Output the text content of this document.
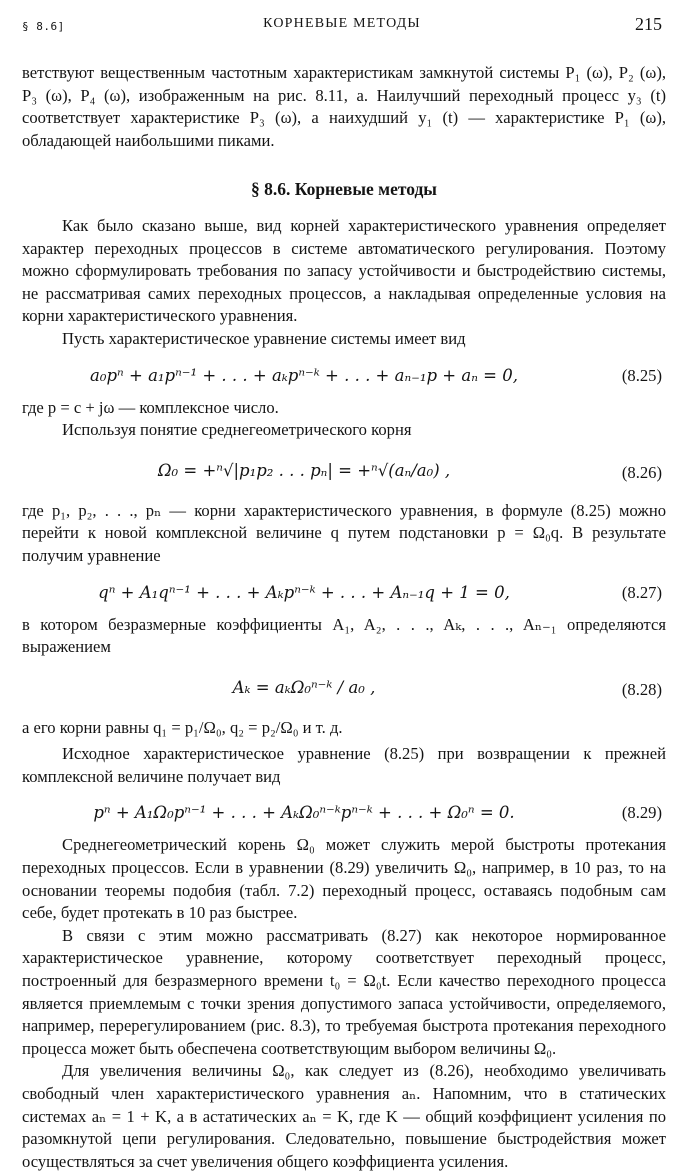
§ 8.6]	КОРНЕВЫЕ МЕТОДЫ	215

ветствуют вещественным частотным характеристикам замкнутой системы P₁ (ω), P₂ (ω), P₃ (ω), P₄ (ω), изображенным на рис. 8.11, a. Наилучший переходный процесс y₃ (t) соответствует характеристике P₃ (ω), а наихудший y₁ (t) — характеристике P₁ (ω), обладающей наибольшими пиками.

§ 8.6. Корневые методы

Как было сказано выше, вид корней характеристического уравнения определяет характер переходных процессов в системе автоматического регулирования. Поэтому можно сформулировать требования по запасу устойчивости и быстродействию системы, не рассматривая самих переходных процессов, а накладывая определенные условия на корни характеристического уравнения.

Пусть характеристическое уравнение системы имеет вид

a₀pⁿ + a₁pⁿ⁻¹ + . . . + aₖpⁿ⁻ᵏ + . . . + aₙ₋₁p + aₙ = 0,	(8.25)

где p = c + jω — комплексное число.

Используя понятие среднегеометрического корня

Ω₀ = +ⁿ√|p₁p₂ . . . pₙ| = +ⁿ√(aₙ/a₀) ,	(8.26)

где p₁, p₂, . . ., pₙ — корни характеристического уравнения, в формуле (8.25) можно перейти к новой комплексной величине q путем подстановки p = Ω₀q. В результате получим уравнение

qⁿ + A₁qⁿ⁻¹ + . . . + Aₖpⁿ⁻ᵏ + . . . + Aₙ₋₁q + 1 = 0,	(8.27)

в котором безразмерные коэффициенты A₁, A₂, . . ., Aₖ, . . ., Aₙ₋₁ определяются выражением

Aₖ = aₖΩ₀ⁿ⁻ᵏ / a₀ ,	(8.28)

а его корни равны q₁ = p₁/Ω₀, q₂ = p₂/Ω₀ и т. д.

Исходное характеристическое уравнение (8.25) при возвращении к прежней комплексной величине получает вид

pⁿ + A₁Ω₀pⁿ⁻¹ + . . . + AₖΩ₀ⁿ⁻ᵏpⁿ⁻ᵏ + . . . + Ω₀ⁿ = 0.	(8.29)

Среднегеометрический корень Ω₀ может служить мерой быстроты протекания переходных процессов. Если в уравнении (8.29) увеличить Ω₀, например, в 10 раз, то на основании теоремы подобия (табл. 7.2) переходный процесс, оставаясь подобным сам себе, будет протекать в 10 раз быстрее.

В связи с этим можно рассматривать (8.27) как некоторое нормированное характеристическое уравнение, которому соответствует переходный процесс, построенный для безразмерного времени t₀ = Ω₀t. Если качество переходного процесса является приемлемым с точки зрения допустимого запаса устойчивости, определяемого, например, перерегулированием (рис. 8.3), то требуемая быстрота протекания переходного процесса может быть обеспечена соответствующим выбором величины Ω₀.

Для увеличения величины Ω₀, как следует из (8.26), необходимо увеличивать свободный член характеристического уравнения aₙ. Напомним, что в статических системах aₙ = 1 + K, а в астатических aₙ = K, где K — общий коэффициент усиления по разомкнутой цепи регулирования. Следовательно, повышение быстродействия может осуществляться за счет увеличения общего коэффициента усиления.
